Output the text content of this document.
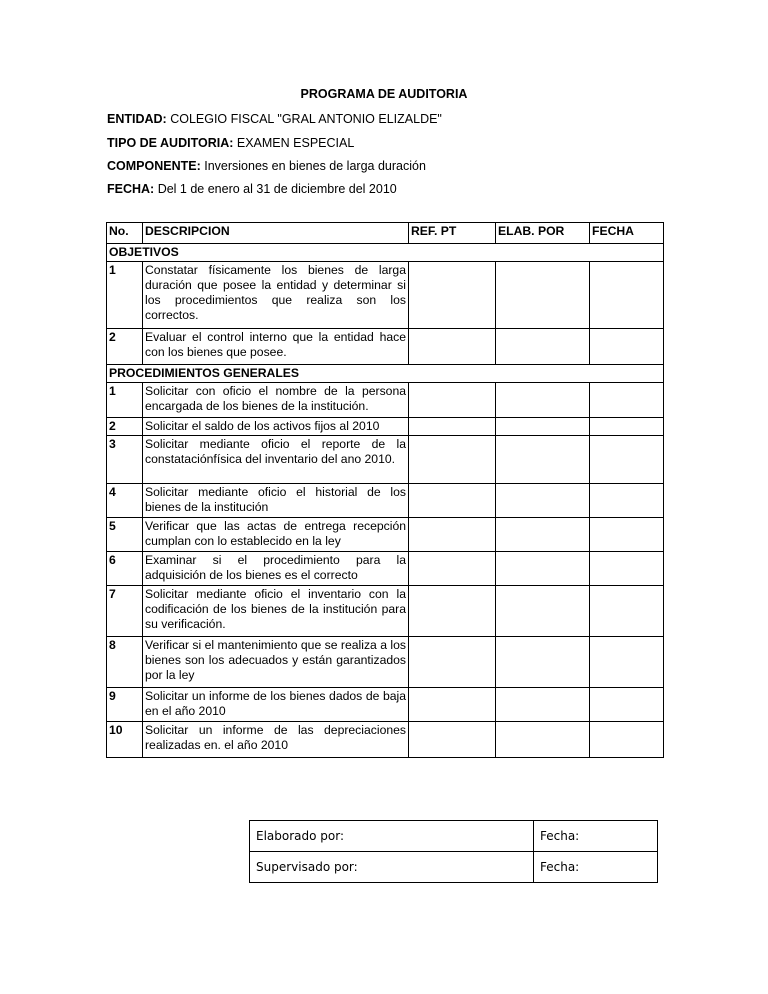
PROGRAMA DE AUDITORIA
ENTIDAD: COLEGIO FISCAL "GRAL ANTONIO ELIZALDE"
TIPO DE AUDITORIA: EXAMEN ESPECIAL
COMPONENTE: Inversiones en bienes de larga duración
FECHA: Del 1 de enero al 31 de diciembre del 2010
No.	DESCRIPCION	REF. PT	ELAB. POR	FECHA
OBJETIVOS				
1	Constatar físicamente los bienes de larga duración que posee la entidad y determinar si los procedimientos que realiza son los correctos.			
2	Evaluar el control interno que la entidad hace con los bienes que posee.			
PROCEDIMIENTOS GENERALES				
1	Solicitar con oficio el nombre de la persona encargada de los bienes de la institución.			
2	Solicitar el saldo de los activos fijos al 2010			
3	Solicitar mediante oficio el reporte de la constataciónfísica del inventario del ano 2010.			
4	Solicitar mediante oficio el historial de los bienes de la institución			
5	Verificar que las actas de entrega recepción cumplan con lo establecido en la ley			
6	Examinar si el procedimiento para la adquisición de los bienes es el correcto			
7	Solicitar mediante oficio el inventario con la codificación de los bienes de la institución para su verificación.			
8	Verificar si el mantenimiento que se realiza a los bienes son los adecuados y están garantizados por la ley			
9	Solicitar un informe de los bienes dados de baja en el año 2010			
10	Solicitar un informe de las depreciaciones realizadas en. el año 2010			
Elaborado por:	Fecha:
Supervisado por:	Fecha:
